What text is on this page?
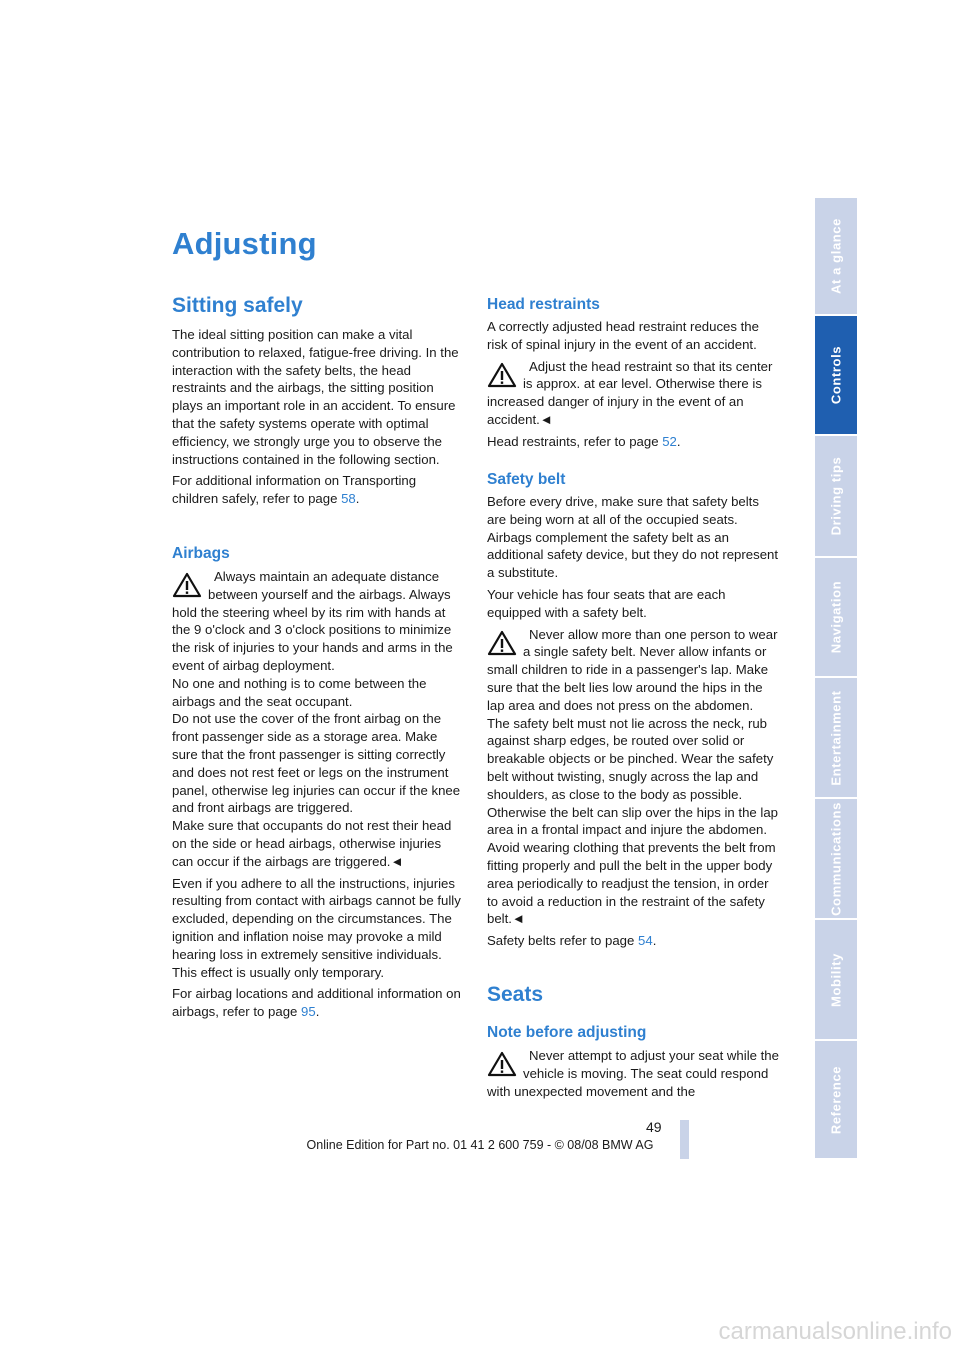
Adjusting
Sitting safely

The ideal sitting position can make a vital contribution to relaxed, fatigue-free driving. In the interaction with the safety belts, the head restraints and the airbags, the sitting position plays an important role in an accident. To ensure that the safety systems operate with optimal efficiency, we strongly urge you to observe the instructions contained in the following section.

For additional information on Transporting children safely, refer to page 58.

Airbags

Always maintain an adequate distance between yourself and the airbags. Always hold the steering wheel by its rim with hands at the 9 o'clock and 3 o'clock positions to minimize the risk of injuries to your hands and arms in the event of airbag deployment.

No one and nothing is to come between the airbags and the seat occupant.

Do not use the cover of the front airbag on the front passenger side as a storage area. Make sure that the front passenger is sitting correctly and does not rest feet or legs on the instrument panel, otherwise leg injuries can occur if the knee and front airbags are triggered.

Make sure that occupants do not rest their head on the side or head airbags, otherwise injuries can occur if the airbags are triggered.◄

Even if you adhere to all the instructions, injuries resulting from contact with airbags cannot be fully excluded, depending on the circumstances. The ignition and inflation noise may provoke a mild hearing loss in extremely sensitive individuals. This effect is usually only temporary.

For airbag locations and additional information on airbags, refer to page 95.

Head restraints

A correctly adjusted head restraint reduces the risk of spinal injury in the event of an accident.

Adjust the head restraint so that its center is approx. at ear level. Otherwise there is increased danger of injury in the event of an accident.◄

Head restraints, refer to page 52.

Safety belt

Before every drive, make sure that safety belts are being worn at all of the occupied seats. Airbags complement the safety belt as an additional safety device, but they do not represent a substitute.

Your vehicle has four seats that are each equipped with a safety belt.

Never allow more than one person to wear a single safety belt. Never allow infants or small children to ride in a passenger's lap. Make sure that the belt lies low around the hips in the lap area and does not press on the abdomen. The safety belt must not lie across the neck, rub against sharp edges, be routed over solid or breakable objects or be pinched. Wear the safety belt without twisting, snugly across the lap and shoulders, as close to the body as possible. Otherwise the belt can slip over the hips in the lap area in a frontal impact and injure the abdomen. Avoid wearing clothing that prevents the belt from fitting properly and pull the belt in the upper body area periodically to readjust the tension, in order to avoid a reduction in the restraint of the safety belt.◄

Safety belts refer to page 54.

Seats
Note before adjusting

Never attempt to adjust your seat while the vehicle is moving. The seat could respond with unexpected movement and the

At a glance
Controls
Driving tips
Navigation
Entertainment
Communications
Mobility
Reference
49
Online Edition for Part no. 01 41 2 600 759 - © 08/08 BMW AG
carmanualsonline.info
